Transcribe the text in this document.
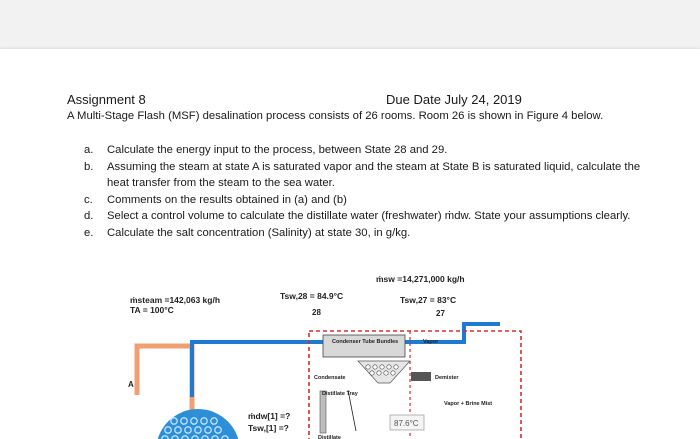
Assignment 8	Due Date July 24, 2019
A Multi-Stage Flash (MSF) desalination process consists of 26 rooms. Room 26 is shown in Figure 4 below.
a.	Calculate the energy input to the process, between State 28 and 29.
b.	Assuming the steam at state A is saturated vapor and the steam at State B is saturated liquid, calculate the heat transfer from the steam to the sea water.
c.	Comments on the results obtained in (a) and (b)
d.	Select a control volume to calculate the distillate water (freshwater) ṁdw. State your assumptions clearly.
e.	Calculate the salt concentration (Salinity) at state 30, in g/kg.
ṁsw =14,271,000 kg/h
ṁsteam =142,063 kg/h
TA = 100°C
Tsw,28 = 84.9°C
28
Tsw,27 = 83°C
27
A
Condenser Tube Bundles	Vapor
Demister
Condensate
Distillate Tray
Distillate
Vapor + Brine Mist
ṁdw[1] =?
Tsw,[1] =?	87.6°C
